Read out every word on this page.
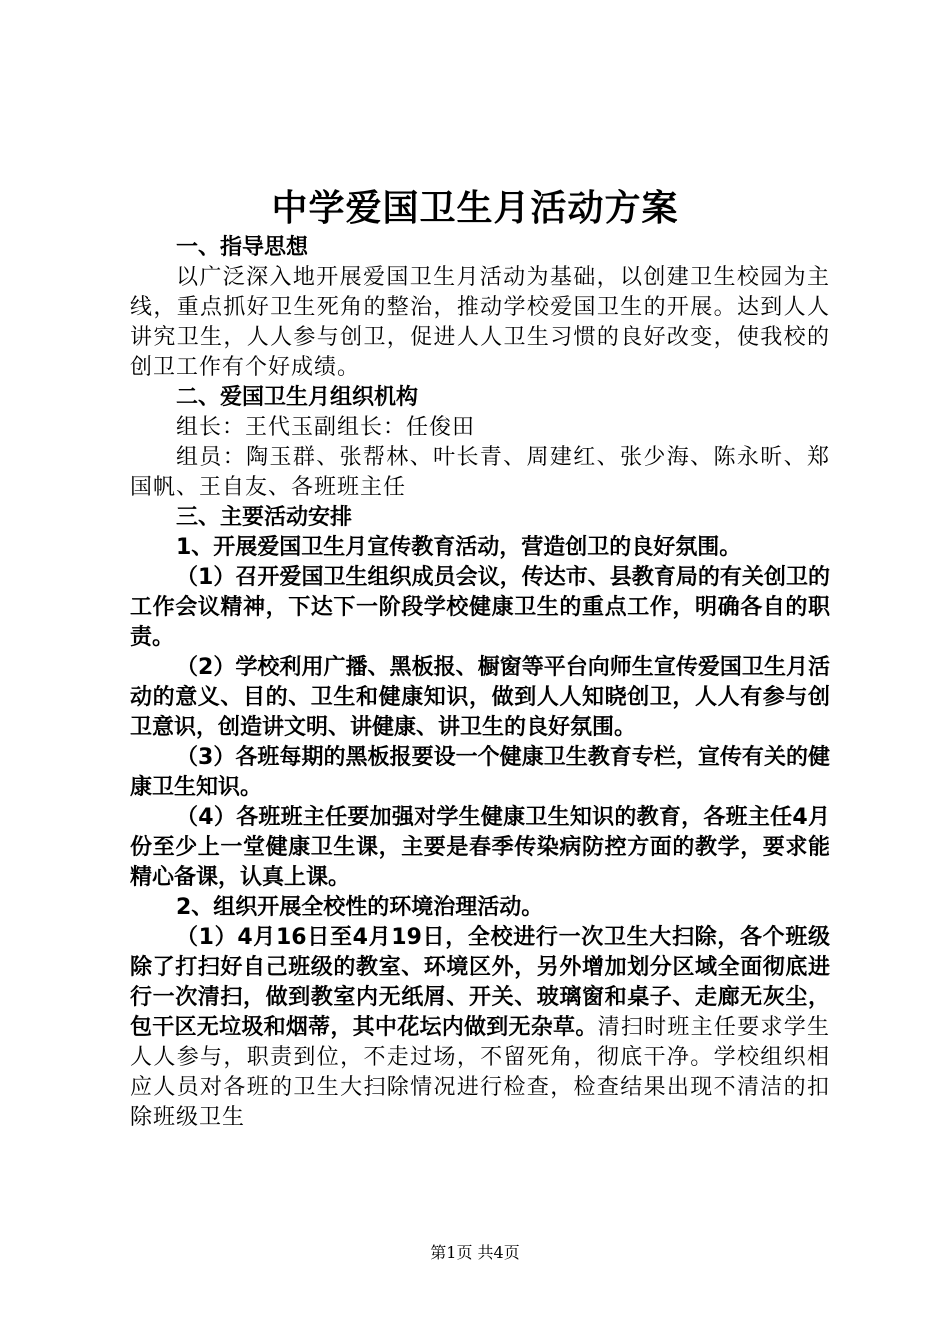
中学爱国卫生月活动方案

一、指导思想

以广泛深入地开展爱国卫生月活动为基础，以创建卫生校园为主线，重点抓好卫生死角的整治，推动学校爱国卫生的开展。达到人人讲究卫生，人人参与创卫，促进人人卫生习惯的良好改变，使我校的创卫工作有个好成绩。

二、爱国卫生月组织机构

组长：王代玉副组长：任俊田

组员：陶玉群、张帮林、叶长青、周建红、张少海、陈永昕、郑国帆、王自友、各班班主任

三、主要活动安排

1、开展爱国卫生月宣传教育活动，营造创卫的良好氛围。

（1）召开爱国卫生组织成员会议，传达市、县教育局的有关创卫的工作会议精神，下达下一阶段学校健康卫生的重点工作，明确各自的职责。

（2）学校利用广播、黑板报、橱窗等平台向师生宣传爱国卫生月活动的意义、目的、卫生和健康知识，做到人人知晓创卫，人人有参与创卫意识，创造讲文明、讲健康、讲卫生的良好氛围。

（3）各班每期的黑板报要设一个健康卫生教育专栏，宣传有关的健康卫生知识。

（4）各班班主任要加强对学生健康卫生知识的教育，各班主任4月份至少上一堂健康卫生课，主要是春季传染病防控方面的教学，要求能精心备课，认真上课。

2、组织开展全校性的环境治理活动。

（1）4月16日至4月19日，全校进行一次卫生大扫除，各个班级除了打扫好自己班级的教室、环境区外，另外增加划分区域全面彻底进行一次清扫，做到教室内无纸屑、开关、玻璃窗和桌子、走廊无灰尘，包干区无垃圾和烟蒂，其中花坛内做到无杂草。清扫时班主任要求学生人人参与，职责到位，不走过场，不留死角，彻底干净。学校组织相应人员对各班的卫生大扫除情况进行检查，检查结果出现不清洁的扣除班级卫生

第1页 共4页
